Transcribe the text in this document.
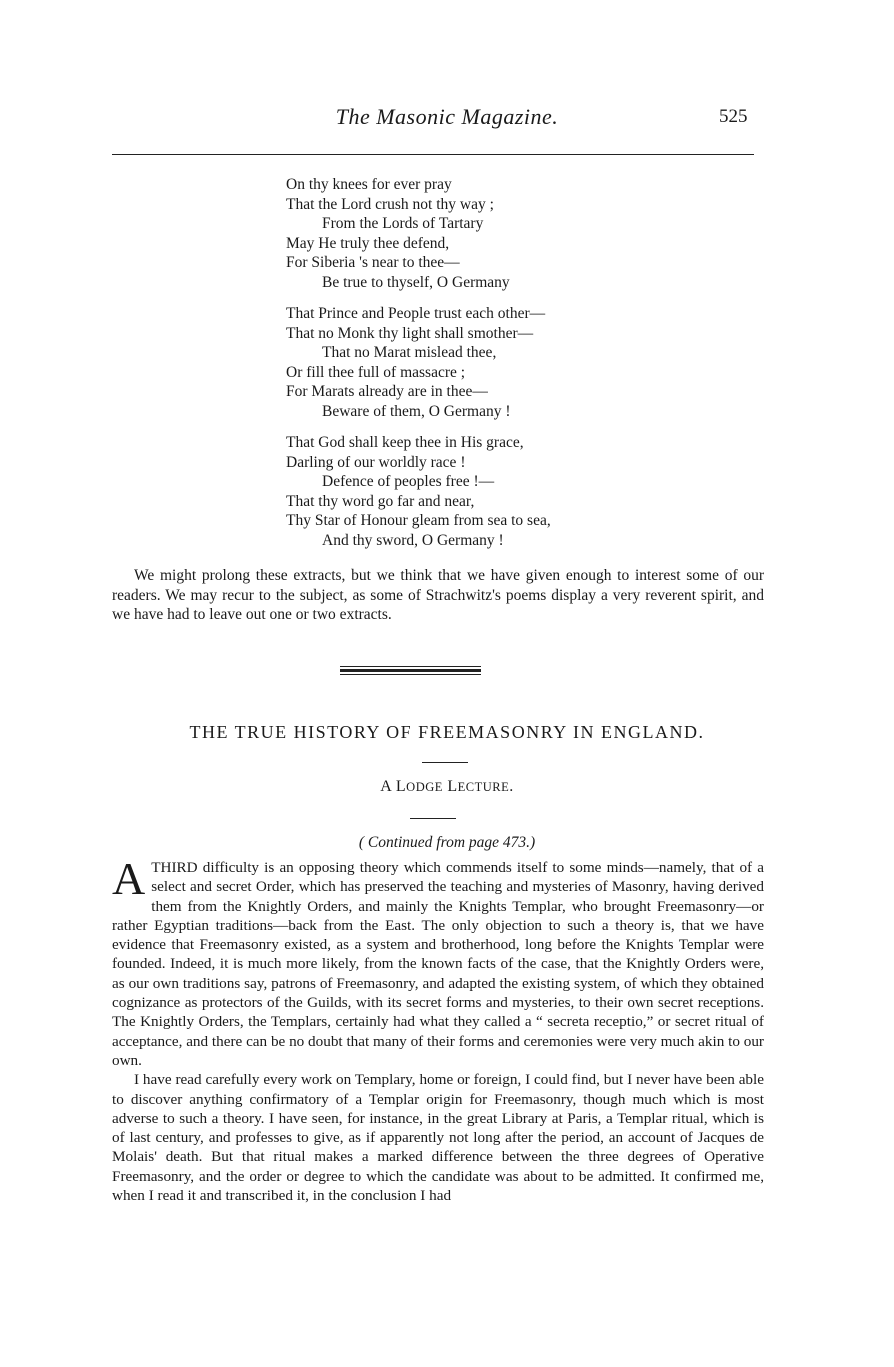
The Masonic Magazine.	525
On thy knees for ever pray
That the Lord crush not thy way ;
From the Lords of Tartary
May He truly thee defend,
For Siberia 's near to thee—
Be true to thyself, O Germany
That Prince and People trust each other—
That no Monk thy light shall smother—
That no Marat mislead thee,
Or fill thee full of massacre ;
For Marats already are in thee—
Beware of them, O Germany !
That God shall keep thee in His grace,
Darling of our worldly race !
Defence of peoples free !—
That thy word go far and near,
Thy Star of Honour gleam from sea to sea,
And thy sword, O Germany !

We might prolong these extracts, but we think that we have given enough to interest some of our readers. We may recur to the subject, as some of Strachwitz's poems display a very reverent spirit, and we have had to leave out one or two extracts.

THE TRUE HISTORY OF FREEMASONRY IN ENGLAND.
A LODGE LECTURE.
( Continued from page 473.)

ATHIRD difficulty is an opposing theory which commends itself to some minds—namely, that of a select and secret Order, which has preserved the teaching and mysteries of Masonry, having derived them from the Knightly Orders, and mainly the Knights Templar, who brought Freemasonry—or rather Egyptian traditions—back from the East. The only objection to such a theory is, that we have evidence that Freemasonry existed, as a system and brotherhood, long before the Knights Templar were founded. Indeed, it is much more likely, from the known facts of the case, that the Knightly Orders were, as our own traditions say, patrons of Freemasonry, and adapted the existing system, of which they obtained cognizance as protectors of the Guilds, with its secret forms and mysteries, to their own secret receptions. The Knightly Orders, the Templars, certainly had what they called a “ secreta receptio,” or secret ritual of acceptance, and there can be no doubt that many of their forms and ceremonies were very much akin to our own.

I have read carefully every work on Templary, home or foreign, I could find, but I never have been able to discover anything confirmatory of a Templar origin for Freemasonry, though much which is most adverse to such a theory. I have seen, for instance, in the great Library at Paris, a Templar ritual, which is of last century, and professes to give, as if apparently not long after the period, an account of Jacques de Molais' death. But that ritual makes a marked difference between the three degrees of Operative Freemasonry, and the order or degree to which the candidate was about to be admitted. It confirmed me, when I read it and transcribed it, in the conclusion I had
